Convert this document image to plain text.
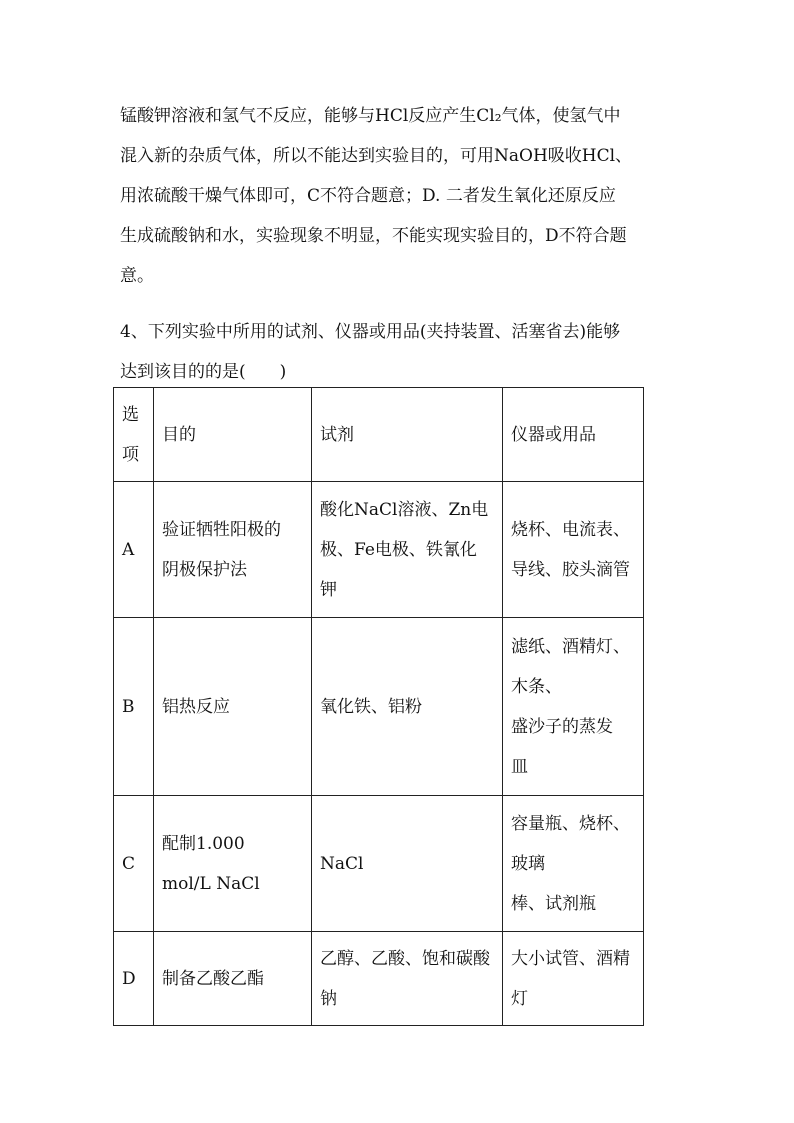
锰酸钾溶液和氢气不反应，能够与HCl反应产生Cl₂气体，使氢气中
混入新的杂质气体，所以不能达到实验目的，可用NaOH吸收HCl、
用浓硫酸干燥气体即可，C不符合题意；D. 二者发生氧化还原反应
生成硫酸钠和水，实验现象不明显，不能实现实验目的，D不符合题
意。
4、下列实验中所用的试剂、仪器或用品(夹持装置、活塞省去)能够
达到该目的的是(　　)
选
项	目的	试剂	仪器或用品
A	验证牺牲阳极的
阴极保护法	酸化NaCl溶液、Zn电
极、Fe电极、铁氰化
钾	烧杯、电流表、
导线、胶头滴管

B	铝热反应	氧化铁、铝粉	滤纸、酒精灯、
木条、
盛沙子的蒸发
皿

C	配制1.000
mol/L NaCl	NaCl	容量瓶、烧杯、
玻璃
棒、试剂瓶

D	制备乙酸乙酯	乙醇、乙酸、饱和碳酸
钠	大小试管、酒精
灯
